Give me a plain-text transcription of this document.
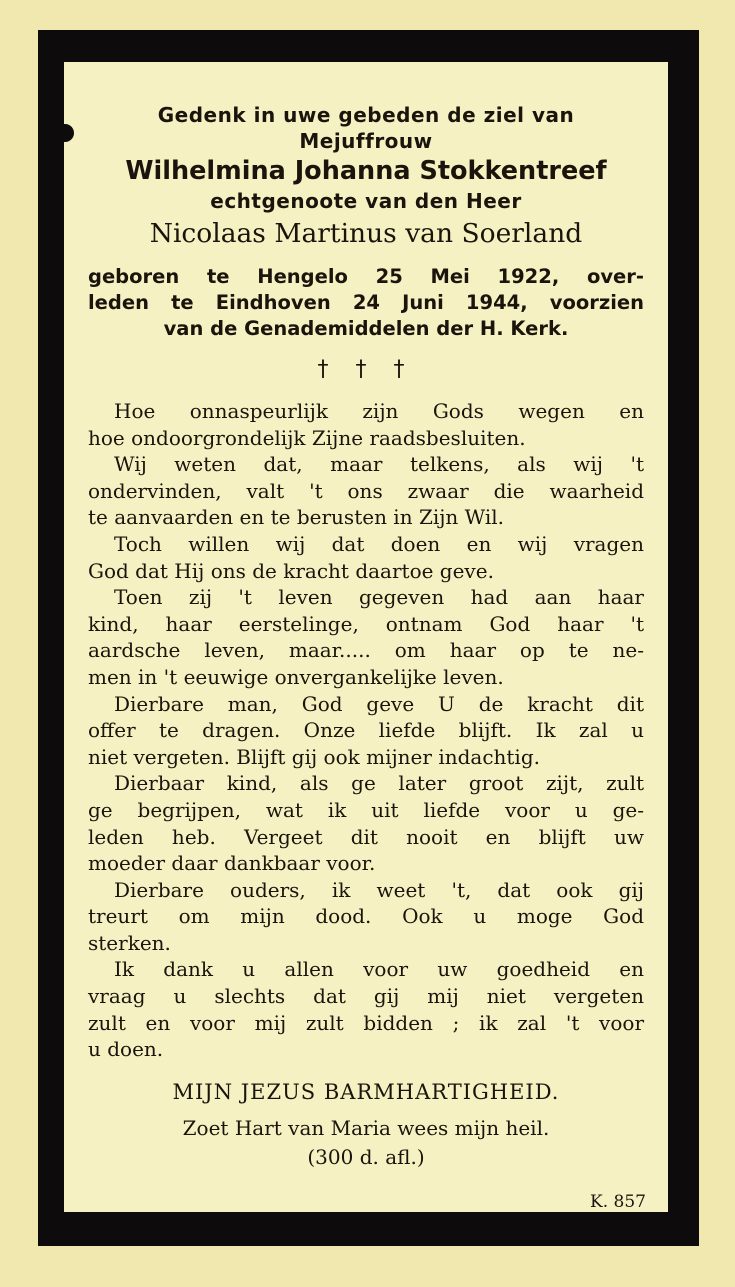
Gedenk in uwe gebeden de ziel van
Mejuffrouw
Wilhelmina Johanna Stokkentreef
echtgenoote van den Heer
Nicolaas Martinus van Soerland
geboren te Hengelo 25 Mei 1922, over-
leden te Eindhoven 24 Juni 1944, voorzien
van de Genademiddelen der H. Kerk.
† † †
Hoe onnaspeurlijk zijn Gods wegen en
hoe ondoorgrondelijk Zijne raadsbesluiten.
Wij weten dat, maar telkens, als wij 't
ondervinden, valt 't ons zwaar die waarheid
te aanvaarden en te berusten in Zijn Wil.
Toch willen wij dat doen en wij vragen
God dat Hij ons de kracht daartoe geve.
Toen zij 't leven gegeven had aan haar
kind, haar eerstelinge, ontnam God haar 't
aardsche leven, maar..... om haar op te ne-
men in 't eeuwige onvergankelijke leven.
Dierbare man, God geve U de kracht dit
offer te dragen. Onze liefde blijft. Ik zal u
niet vergeten. Blijft gij ook mijner indachtig.
Dierbaar kind, als ge later groot zijt, zult
ge begrijpen, wat ik uit liefde voor u ge-
leden heb. Vergeet dit nooit en blijft uw
moeder daar dankbaar voor.
Dierbare ouders, ik weet 't, dat ook gij
treurt om mijn dood. Ook u moge God
sterken.
Ik dank u allen voor uw goedheid en
vraag u slechts dat gij mij niet vergeten
zult en voor mij zult bidden ; ik zal 't voor
u doen.
MIJN JEZUS BARMHARTIGHEID.
Zoet Hart van Maria wees mijn heil.
(300 d. afl.)
K. 857
